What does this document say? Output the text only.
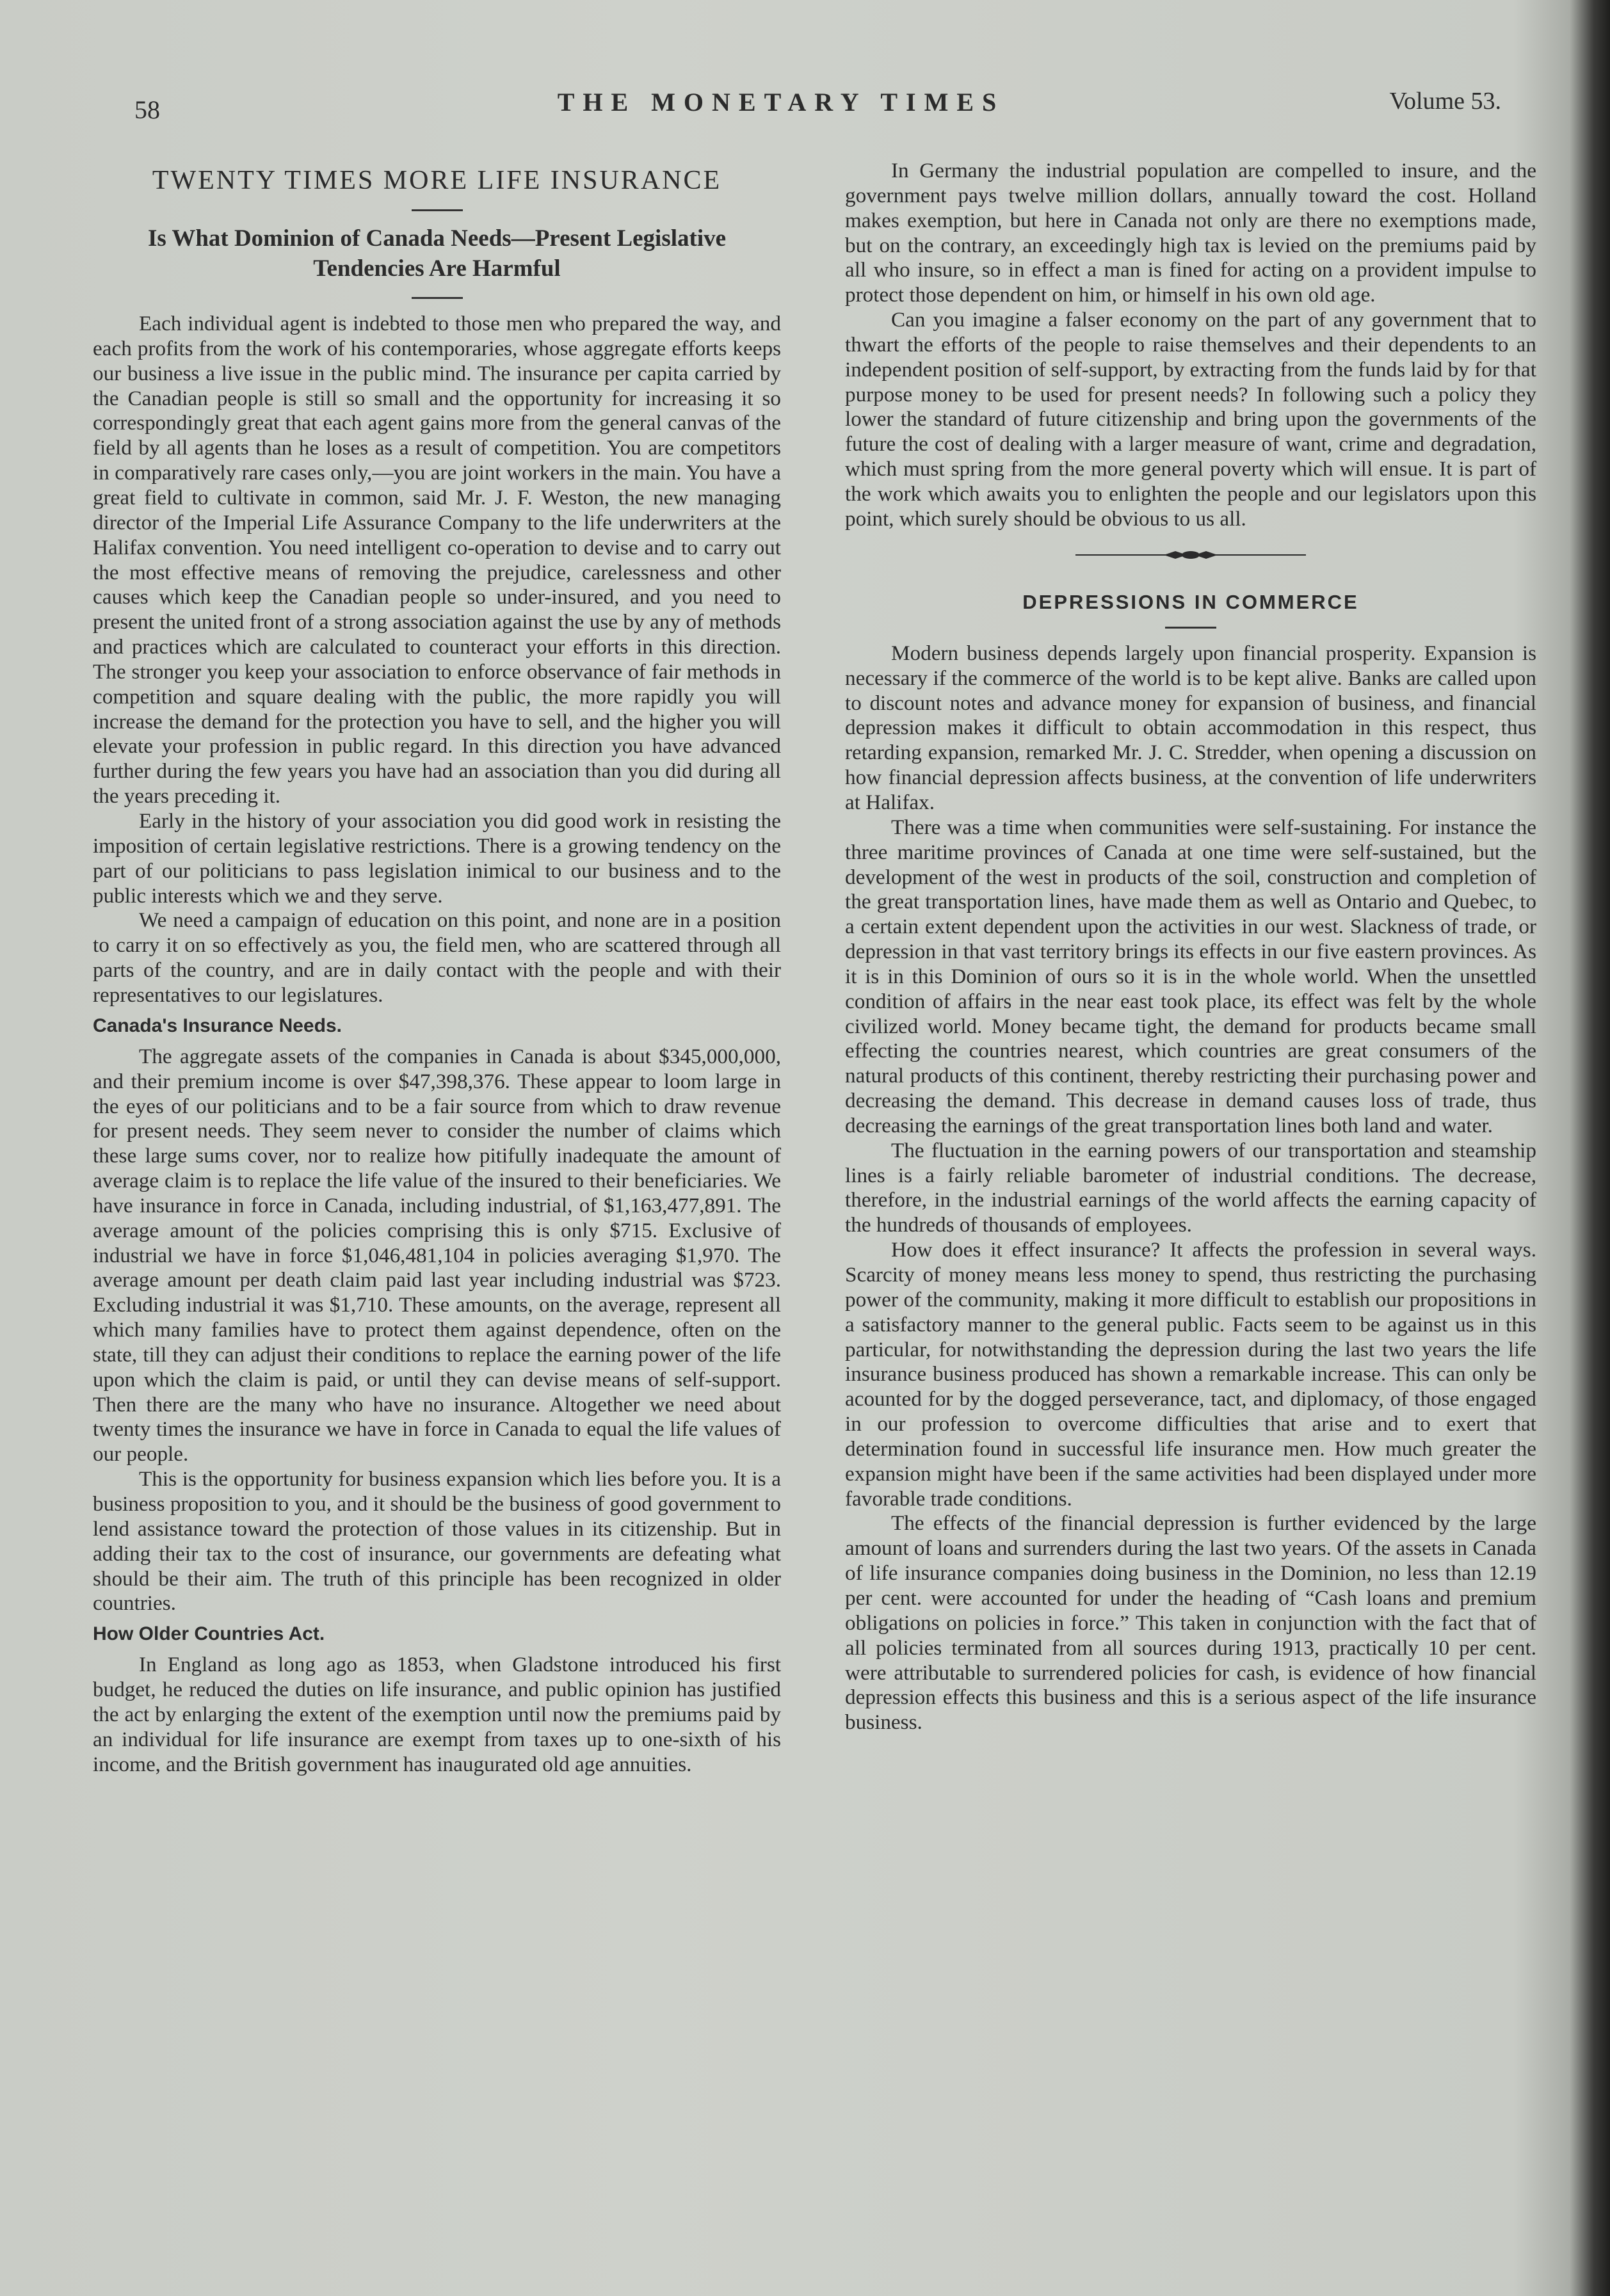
58	THE MONETARY TIMES	Volume 53.
TWENTY TIMES MORE LIFE INSURANCE
Is What Dominion of Canada Needs—Present Legislative Tendencies Are Harmful

Each individual agent is indebted to those men who prepared the way, and each profits from the work of his contemporaries, whose aggregate efforts keeps our business a live issue in the public mind. The insurance per capita carried by the Canadian people is still so small and the opportunity for increasing it so correspondingly great that each agent gains more from the general canvas of the field by all agents than he loses as a result of competition. You are competitors in comparatively rare cases only,—you are joint workers in the main. You have a great field to cultivate in common, said Mr. J. F. Weston, the new managing director of the Imperial Life Assurance Company to the life underwriters at the Halifax convention. You need intelligent co-operation to devise and to carry out the most effective means of removing the prejudice, carelessness and other causes which keep the Canadian people so under-insured, and you need to present the united front of a strong association against the use by any of methods and practices which are calculated to counteract your efforts in this direction. The stronger you keep your association to enforce observance of fair methods in competition and square dealing with the public, the more rapidly you will increase the demand for the protection you have to sell, and the higher you will elevate your profession in public regard. In this direction you have advanced further during the few years you have had an association than you did during all the years preceding it.

Early in the history of your association you did good work in resisting the imposition of certain legislative restrictions. There is a growing tendency on the part of our politicians to pass legislation inimical to our business and to the public interests which we and they serve.

We need a campaign of education on this point, and none are in a position to carry it on so effectively as you, the field men, who are scattered through all parts of the country, and are in daily contact with the people and with their representatives to our legislatures.

Canada's Insurance Needs.

The aggregate assets of the companies in Canada is about $345,000,000, and their premium income is over $47,398,376. These appear to loom large in the eyes of our politicians and to be a fair source from which to draw revenue for present needs. They seem never to consider the number of claims which these large sums cover, nor to realize how pitifully inadequate the amount of average claim is to replace the life value of the insured to their beneficiaries. We have insurance in force in Canada, including industrial, of $1,163,477,891. The average amount of the policies comprising this is only $715. Exclusive of industrial we have in force $1,046,481,104 in policies averaging $1,970. The average amount per death claim paid last year including industrial was $723. Excluding industrial it was $1,710. These amounts, on the average, represent all which many families have to protect them against dependence, often on the state, till they can adjust their conditions to replace the earning power of the life upon which the claim is paid, or until they can devise means of self-support. Then there are the many who have no insurance. Altogether we need about twenty times the insurance we have in force in Canada to equal the life values of our people.

This is the opportunity for business expansion which lies before you. It is a business proposition to you, and it should be the business of good government to lend assistance toward the protection of those values in its citizenship. But in adding their tax to the cost of insurance, our governments are defeating what should be their aim. The truth of this principle has been recognized in older countries.

How Older Countries Act.

In England as long ago as 1853, when Gladstone introduced his first budget, he reduced the duties on life insurance, and public opinion has justified the act by enlarging the extent of the exemption until now the premiums paid by an individual for life insurance are exempt from taxes up to one-sixth of his income, and the British government has inaugurated old age annuities.

In Germany the industrial population are compelled to insure, and the government pays twelve million dollars, annually toward the cost. Holland makes exemption, but here in Canada not only are there no exemptions made, but on the contrary, an exceedingly high tax is levied on the premiums paid by all who insure, so in effect a man is fined for acting on a provident impulse to protect those dependent on him, or himself in his own old age.

Can you imagine a falser economy on the part of any government that to thwart the efforts of the people to raise themselves and their dependents to an independent position of self-support, by extracting from the funds laid by for that purpose money to be used for present needs? In following such a policy they lower the standard of future citizenship and bring upon the governments of the future the cost of dealing with a larger measure of want, crime and degradation, which must spring from the more general poverty which will ensue. It is part of the work which awaits you to enlighten the people and our legislators upon this point, which surely should be obvious to us all.

DEPRESSIONS IN COMMERCE

Modern business depends largely upon financial prosperity. Expansion is necessary if the commerce of the world is to be kept alive. Banks are called upon to discount notes and advance money for expansion of business, and financial depression makes it difficult to obtain accommodation in this respect, thus retarding expansion, remarked Mr. J. C. Stredder, when opening a discussion on how financial depression affects business, at the convention of life underwriters at Halifax.

There was a time when communities were self-sustaining. For instance the three maritime provinces of Canada at one time were self-sustained, but the development of the west in products of the soil, construction and completion of the great transportation lines, have made them as well as Ontario and Quebec, to a certain extent dependent upon the activities in our west. Slackness of trade, or depression in that vast territory brings its effects in our five eastern provinces. As it is in this Dominion of ours so it is in the whole world. When the unsettled condition of affairs in the near east took place, its effect was felt by the whole civilized world. Money became tight, the demand for products became small effecting the countries nearest, which countries are great consumers of the natural products of this continent, thereby restricting their purchasing power and decreasing the demand. This decrease in demand causes loss of trade, thus decreasing the earnings of the great transportation lines both land and water.

The fluctuation in the earning powers of our transportation and steamship lines is a fairly reliable barometer of industrial conditions. The decrease, therefore, in the industrial earnings of the world affects the earning capacity of the hundreds of thousands of employees.

How does it effect insurance? It affects the profession in several ways. Scarcity of money means less money to spend, thus restricting the purchasing power of the community, making it more difficult to establish our propositions in a satisfactory manner to the general public. Facts seem to be against us in this particular, for notwithstanding the depression during the last two years the life insurance business produced has shown a remarkable increase. This can only be acounted for by the dogged perseverance, tact, and diplomacy, of those engaged in our profession to overcome difficulties that arise and to exert that determination found in successful life insurance men. How much greater the expansion might have been if the same activities had been displayed under more favorable trade conditions.

The effects of the financial depression is further evidenced by the large amount of loans and surrenders during the last two years. Of the assets in Canada of life insurance companies doing business in the Dominion, no less than 12.19 per cent. were accounted for under the heading of “Cash loans and premium obligations on policies in force.” This taken in conjunction with the fact that of all policies terminated from all sources during 1913, practically 10 per cent. were attributable to surrendered policies for cash, is evidence of how financial depression effects this business and this is a serious aspect of the life insurance business.
